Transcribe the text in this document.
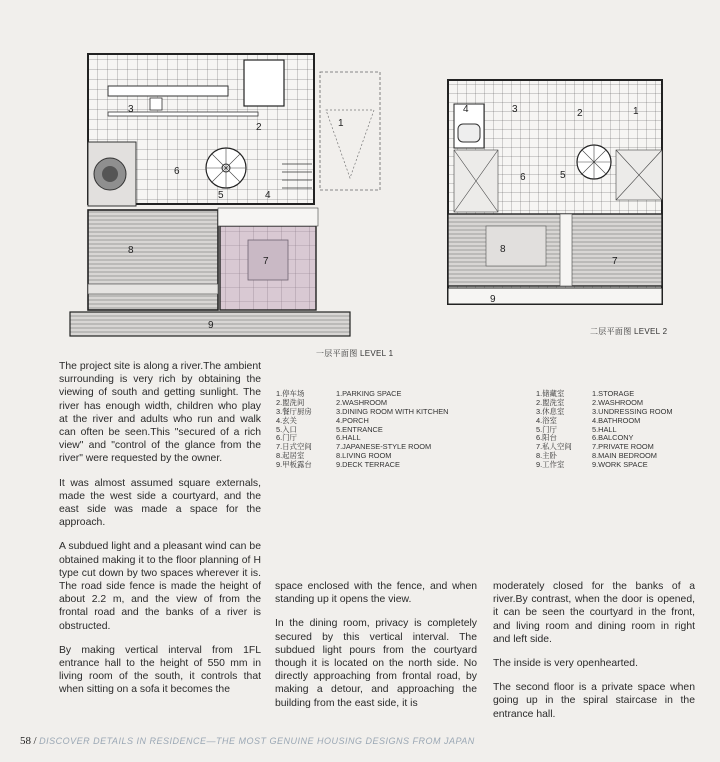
1
2
3
4
5
6
7
8
9
一层平面图 LEVEL 1
1
2
3
4
5
6
7
8
9
二层平面图 LEVEL 2

The project site is along a river.The ambient surrounding is very rich by obtaining the viewing of south and getting sunlight. The river has enough width, children who play at the river and adults who run and walk can often be seen.This "secured of a rich view" and "control of the glance from the river" were requested by the owner.

It was almost assumed square externals, made the west side a courtyard, and the east side was made a space for the approach.

A subdued light and a pleasant wind can be obtained making it to the floor planning of H type cut down by two spaces wherever it is. The road side fence is made the height of about 2.2 m, and the view of from the frontal road and the banks of a river is obstructed.

By making vertical interval from 1FL entrance hall to the height of 550 mm in living room of the south, it controls that when sitting on a sofa it becomes the

1.停车场
2.盥洗间
3.餐厅厨房
4.玄关
5.入口
6.门厅
7.日式空间
8.起居室
9.甲板露台
1.PARKING SPACE
2.WASHROOM
3.DINING ROOM WITH KITCHEN
4.PORCH
5.ENTRANCE
6.HALL
7.JAPANESE-STYLE ROOM
8.LIVING ROOM
9.DECK TERRACE
1.储藏室
2.盥洗室
3.休息室
4.浴室
5.门厅
6.阳台
7.私人空间
8.主卧
9.工作室
1.STORAGE
2.WASHROOM
3.UNDRESSING ROOM
4.BATHROOM
5.HALL
6.BALCONY
7.PRIVATE ROOM
8.MAIN BEDROOM
9.WORK SPACE

space enclosed with the fence, and when standing up it opens the view.

In the dining room, privacy is completely secured by this vertical interval. The subdued light pours from the courtyard though it is located on the north side. No directly approaching from frontal road, by making a detour, and approaching the building from the east side, it is

moderately closed for the banks of a river.By contrast, when the door is opened, it can be seen the courtyard in the front, and living room and dining room in right and left side.

The inside is very openhearted.

The second floor is a private space when going up in the spiral staircase in the entrance hall.

58 / DISCOVER DETAILS IN RESIDENCE—THE MOST GENUINE HOUSING DESIGNS FROM JAPAN
